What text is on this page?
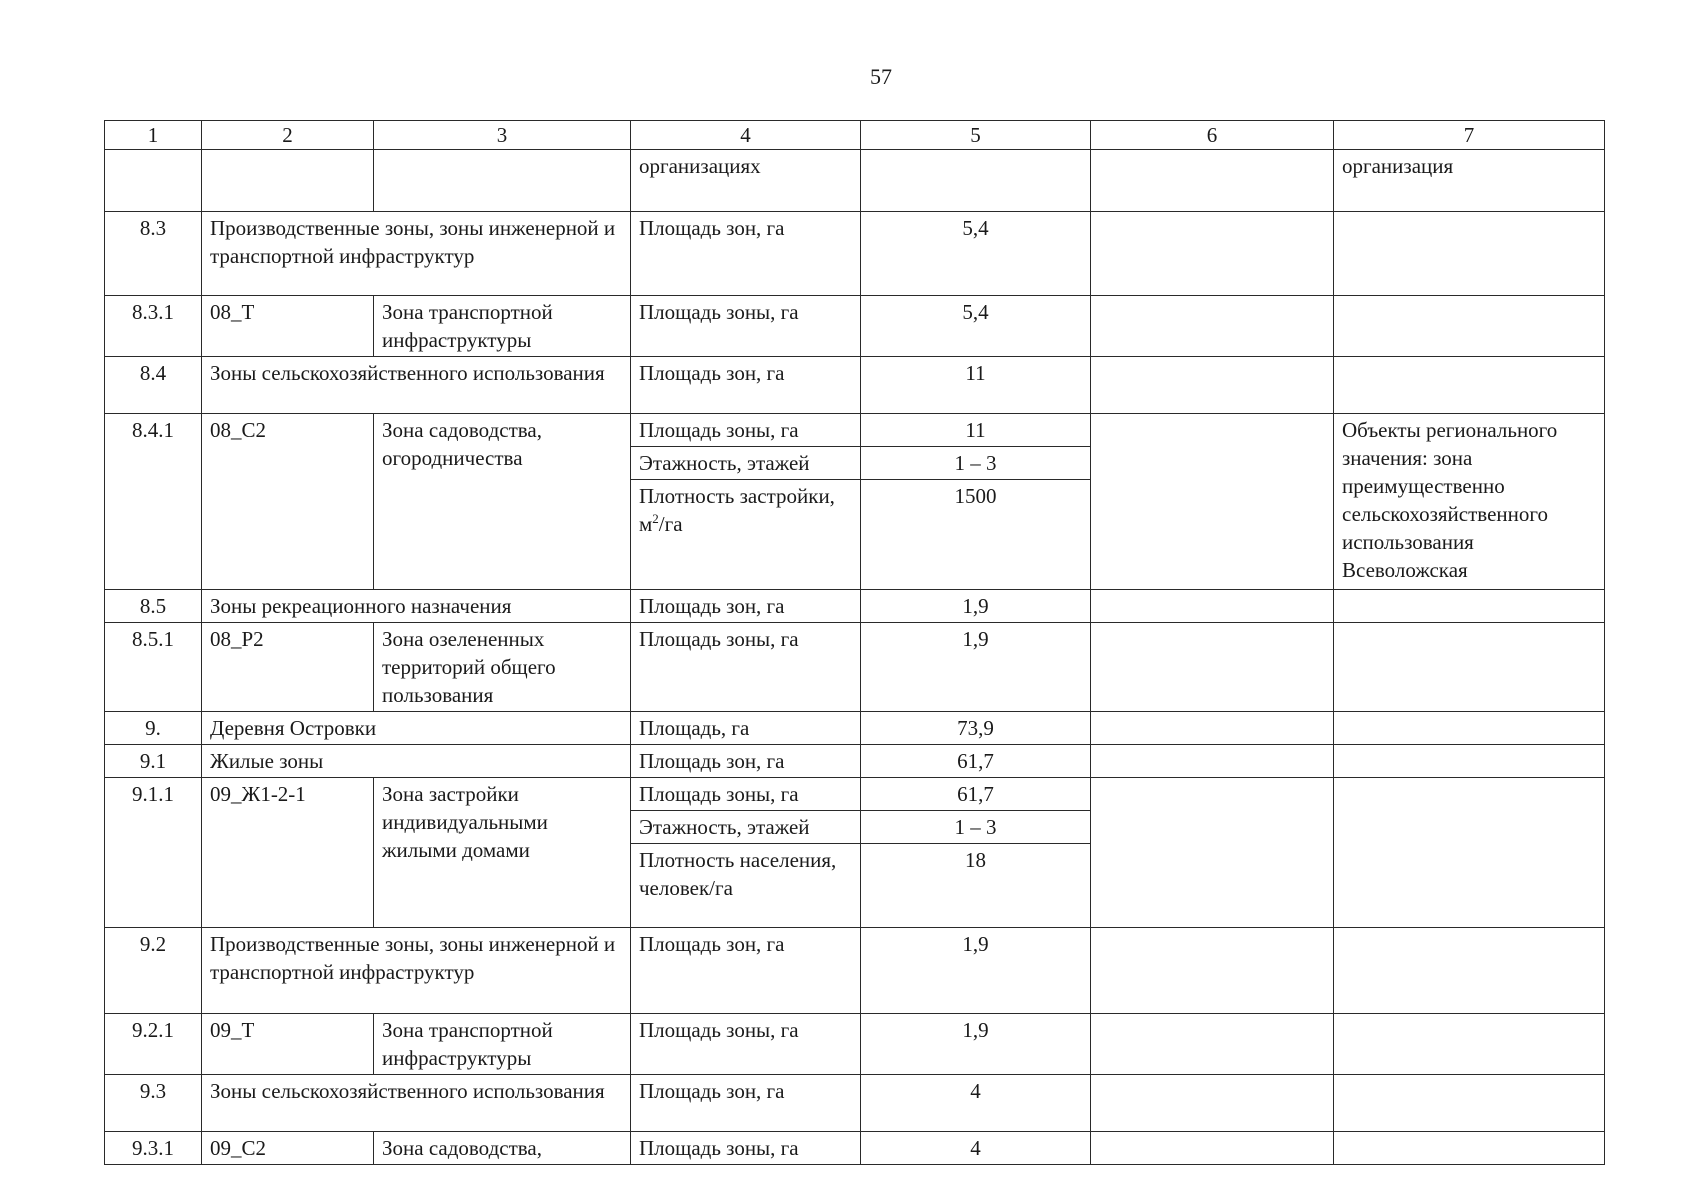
57
1	2	3	4	5	6	7
			организациях			организация
8.3	Производственные зоны, зоны инженерной и транспортной инфраструктур		Площадь зон, га	5,4		
8.3.1	08_Т	Зона транспортной инфраструктуры	Площадь зоны, га	5,4		
8.4	Зоны сельскохозяйственного использования		Площадь зон, га	11		
8.4.1	08_С2	Зона садоводства, огородничества	Площадь зоны, га	11		Объекты регионального значения: зона преимущественно сельскохозяйственного использования Всеволожская
			Этажность, этажей	1 – 3		
			Плотность застройки, $м^2/га$	1500		
8.5	Зоны рекреационного назначения		Площадь зон, га	1,9		
8.5.1	08_Р2	Зона озелененных территорий общего пользования	Площадь зоны, га	1,9		
9.	Деревня Островки		Площадь, га	73,9		
9.1	Жилые зоны		Площадь зон, га	61,7		
9.1.1	09_Ж1-2-1	Зона застройки индивидуальными жилыми домами	Площадь зоны, га	61,7		
			Этажность, этажей	1 – 3		
			Плотность населения, человек/га	18		
9.2	Производственные зоны, зоны инженерной и транспортной инфраструктур		Площадь зон, га	1,9		
9.2.1	09_Т	Зона транспортной инфраструктуры	Площадь зоны, га	1,9		
9.3	Зоны сельскохозяйственного использования		Площадь зон, га	4		
9.3.1	09_С2	Зона садоводства,	Площадь зоны, га	4		
